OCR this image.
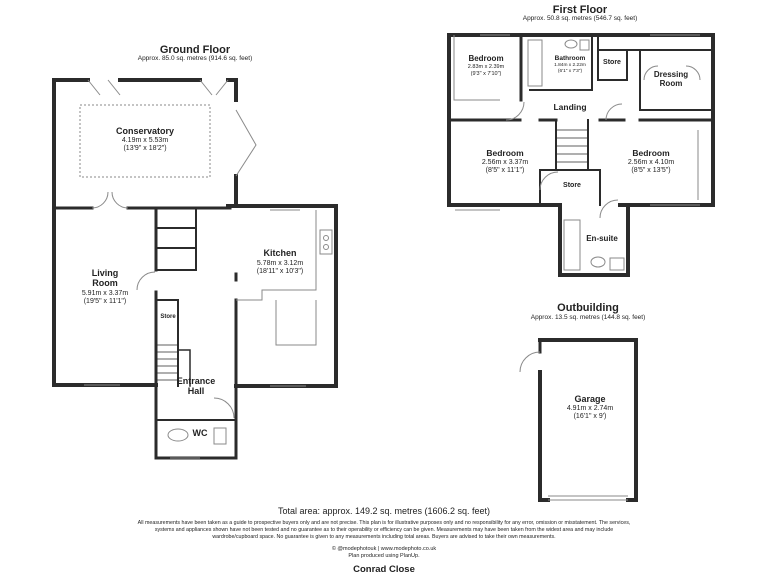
Ground Floor
Approx. 85.0 sq. metres (914.6 sq. feet)
Conservatory
4.19m x 5.53m
(13'9" x 18'2")
Living
Room
5.91m x 3.37m
(19'5" x 11'1")
Kitchen
5.78m x 3.12m
(18'11" x 10'3")
Store
Entrance
Hall
WC
First Floor
Approx. 50.8 sq. metres (546.7 sq. feet)
Bedroom
2.83m x 2.39m
(9'3" x 7'10")
Bathroom
1.84m x 2.22m
(6'1" x 7'3")
Store
Dressing
Room
Landing
Bedroom
2.56m x 3.37m
(8'5" x 11'1")
Bedroom
2.56m x 4.10m
(8'5" x 13'5")
Store
En-suite
Outbuilding
Approx. 13.5 sq. metres (144.8 sq. feet)
Garage
4.91m x 2.74m
(16'1" x 9')
Total area: approx. 149.2 sq. metres (1606.2 sq. feet)
All measurements have been taken as a guide to prospective buyers only and are not precise. This plan is for illustrative purposes only and no responsibility for any error, omission or misstatement. The services,
systems and appliances shown have not been tested and no guarantee as to their operability or efficiency can be given. Measurements may have been taken from the widest area and may include
wardrobe/cupboard space. No guarantee is given to any measurements including total areas. Buyers are advised to take their own measurements.
© @modephotouk | www.modephoto.co.uk
Plan produced using PlanUp.
Conrad Close
